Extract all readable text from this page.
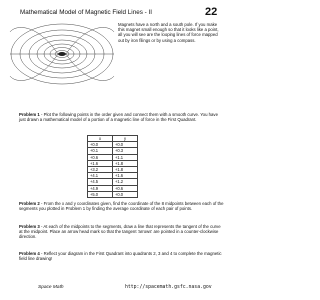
Mathematical Model of Magnetic Field Lines - II	22
Magnets have a north and a south pole. If you make this magnet small enough so that it looks like a point, all you will see are the looping lines of force mapped out by iron filings or by using a compass.
Problem 1 - Plot the following points in the order given and connect them with a smooth curve. You have just drawn a mathematical model of a portion of a magnetic line of force in the First Quadrant.
x	y
+0.0	+0.0
+0.1	+0.3
+0.6	+1.1
+1.6	+1.8
+3.2	+1.8
+4.1	+1.6
+4.5	+1.2
+4.9	+0.6
+5.0	+0.0
Problem 2 - From the x and y coordinates given, find the coordinate of the 8 midpoints between each of the segments you plotted in Problem 1 by finding the average coordinate of each pair of points.
Problem 3 - At each of the midpoints to the segments, draw a line that represents the tangent of the curve at the midpoint. Place an arrow head mark so that the tangent 'arrows' are pointed in a counter-clockwise direction.
Problem 4 - Reflect your diagram in the First Quadrant into quadrants 2, 3 and 4 to complete the magnetic field line drawing!
Space Math	http://spacemath.gsfc.nasa.gov
